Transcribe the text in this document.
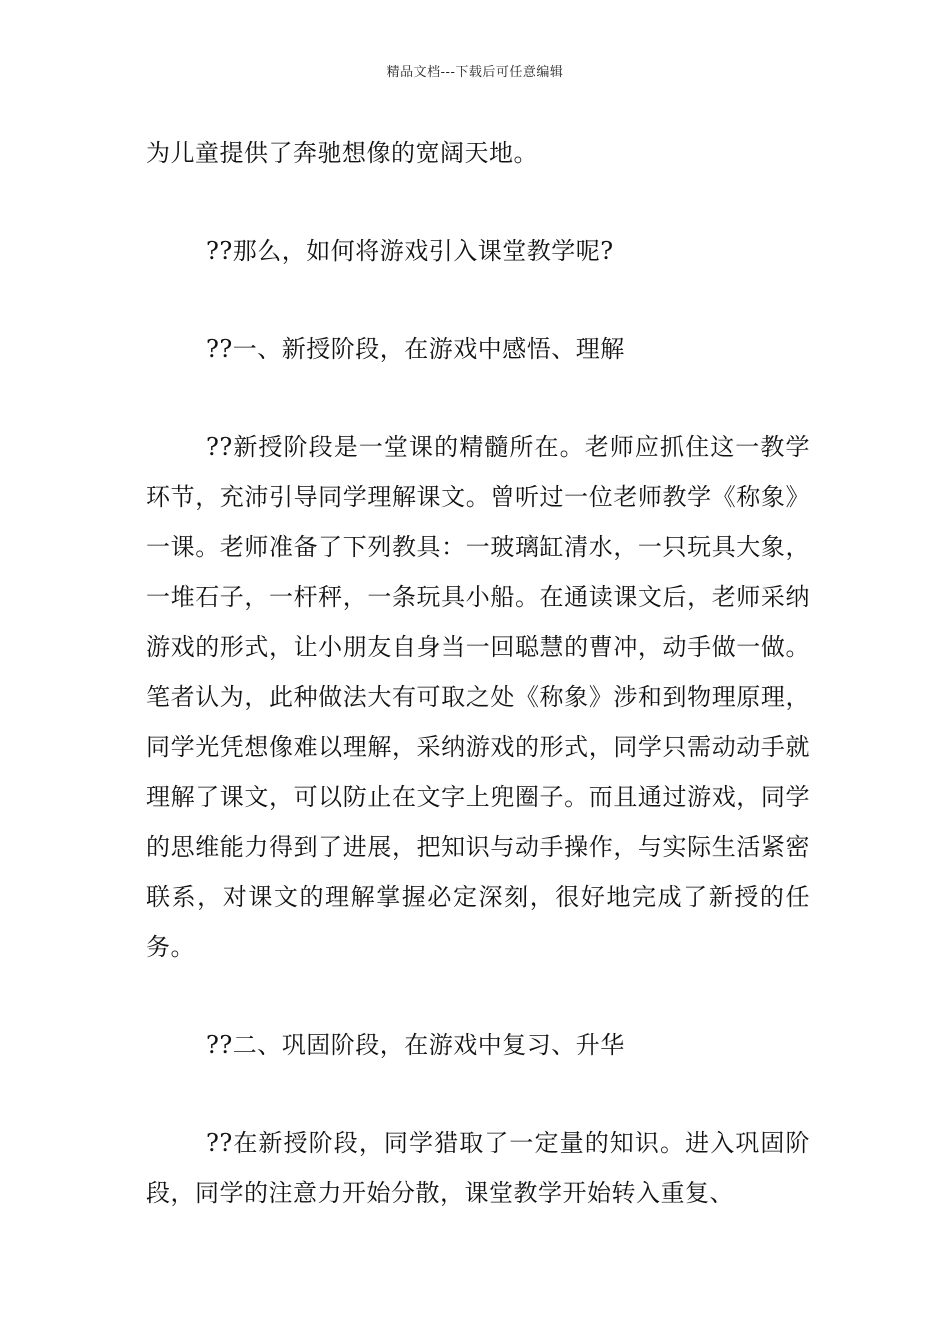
精品文档---下载后可任意编辑

为儿童提供了奔驰想像的宽阔天地。

??那么，如何将游戏引入课堂教学呢?

??一、新授阶段，在游戏中感悟、理解

??新授阶段是一堂课的精髓所在。老师应抓住这一教学环节，充沛引导同学理解课文。曾听过一位老师教学《称象》一课。老师准备了下列教具：一玻璃缸清水，一只玩具大象，一堆石子，一杆秤，一条玩具小船。在通读课文后，老师采纳游戏的形式，让小朋友自身当一回聪慧的曹冲，动手做一做。笔者认为，此种做法大有可取之处《称象》涉和到物理原理，同学光凭想像难以理解，采纳游戏的形式，同学只需动动手就理解了课文，可以防止在文字上兜圈子。而且通过游戏，同学的思维能力得到了进展，把知识与动手操作，与实际生活紧密联系，对课文的理解掌握必定深刻，很好地完成了新授的任务。

??二、巩固阶段，在游戏中复习、升华

??在新授阶段，同学猎取了一定量的知识。进入巩固阶段，同学的注意力开始分散，课堂教学开始转入重复、
